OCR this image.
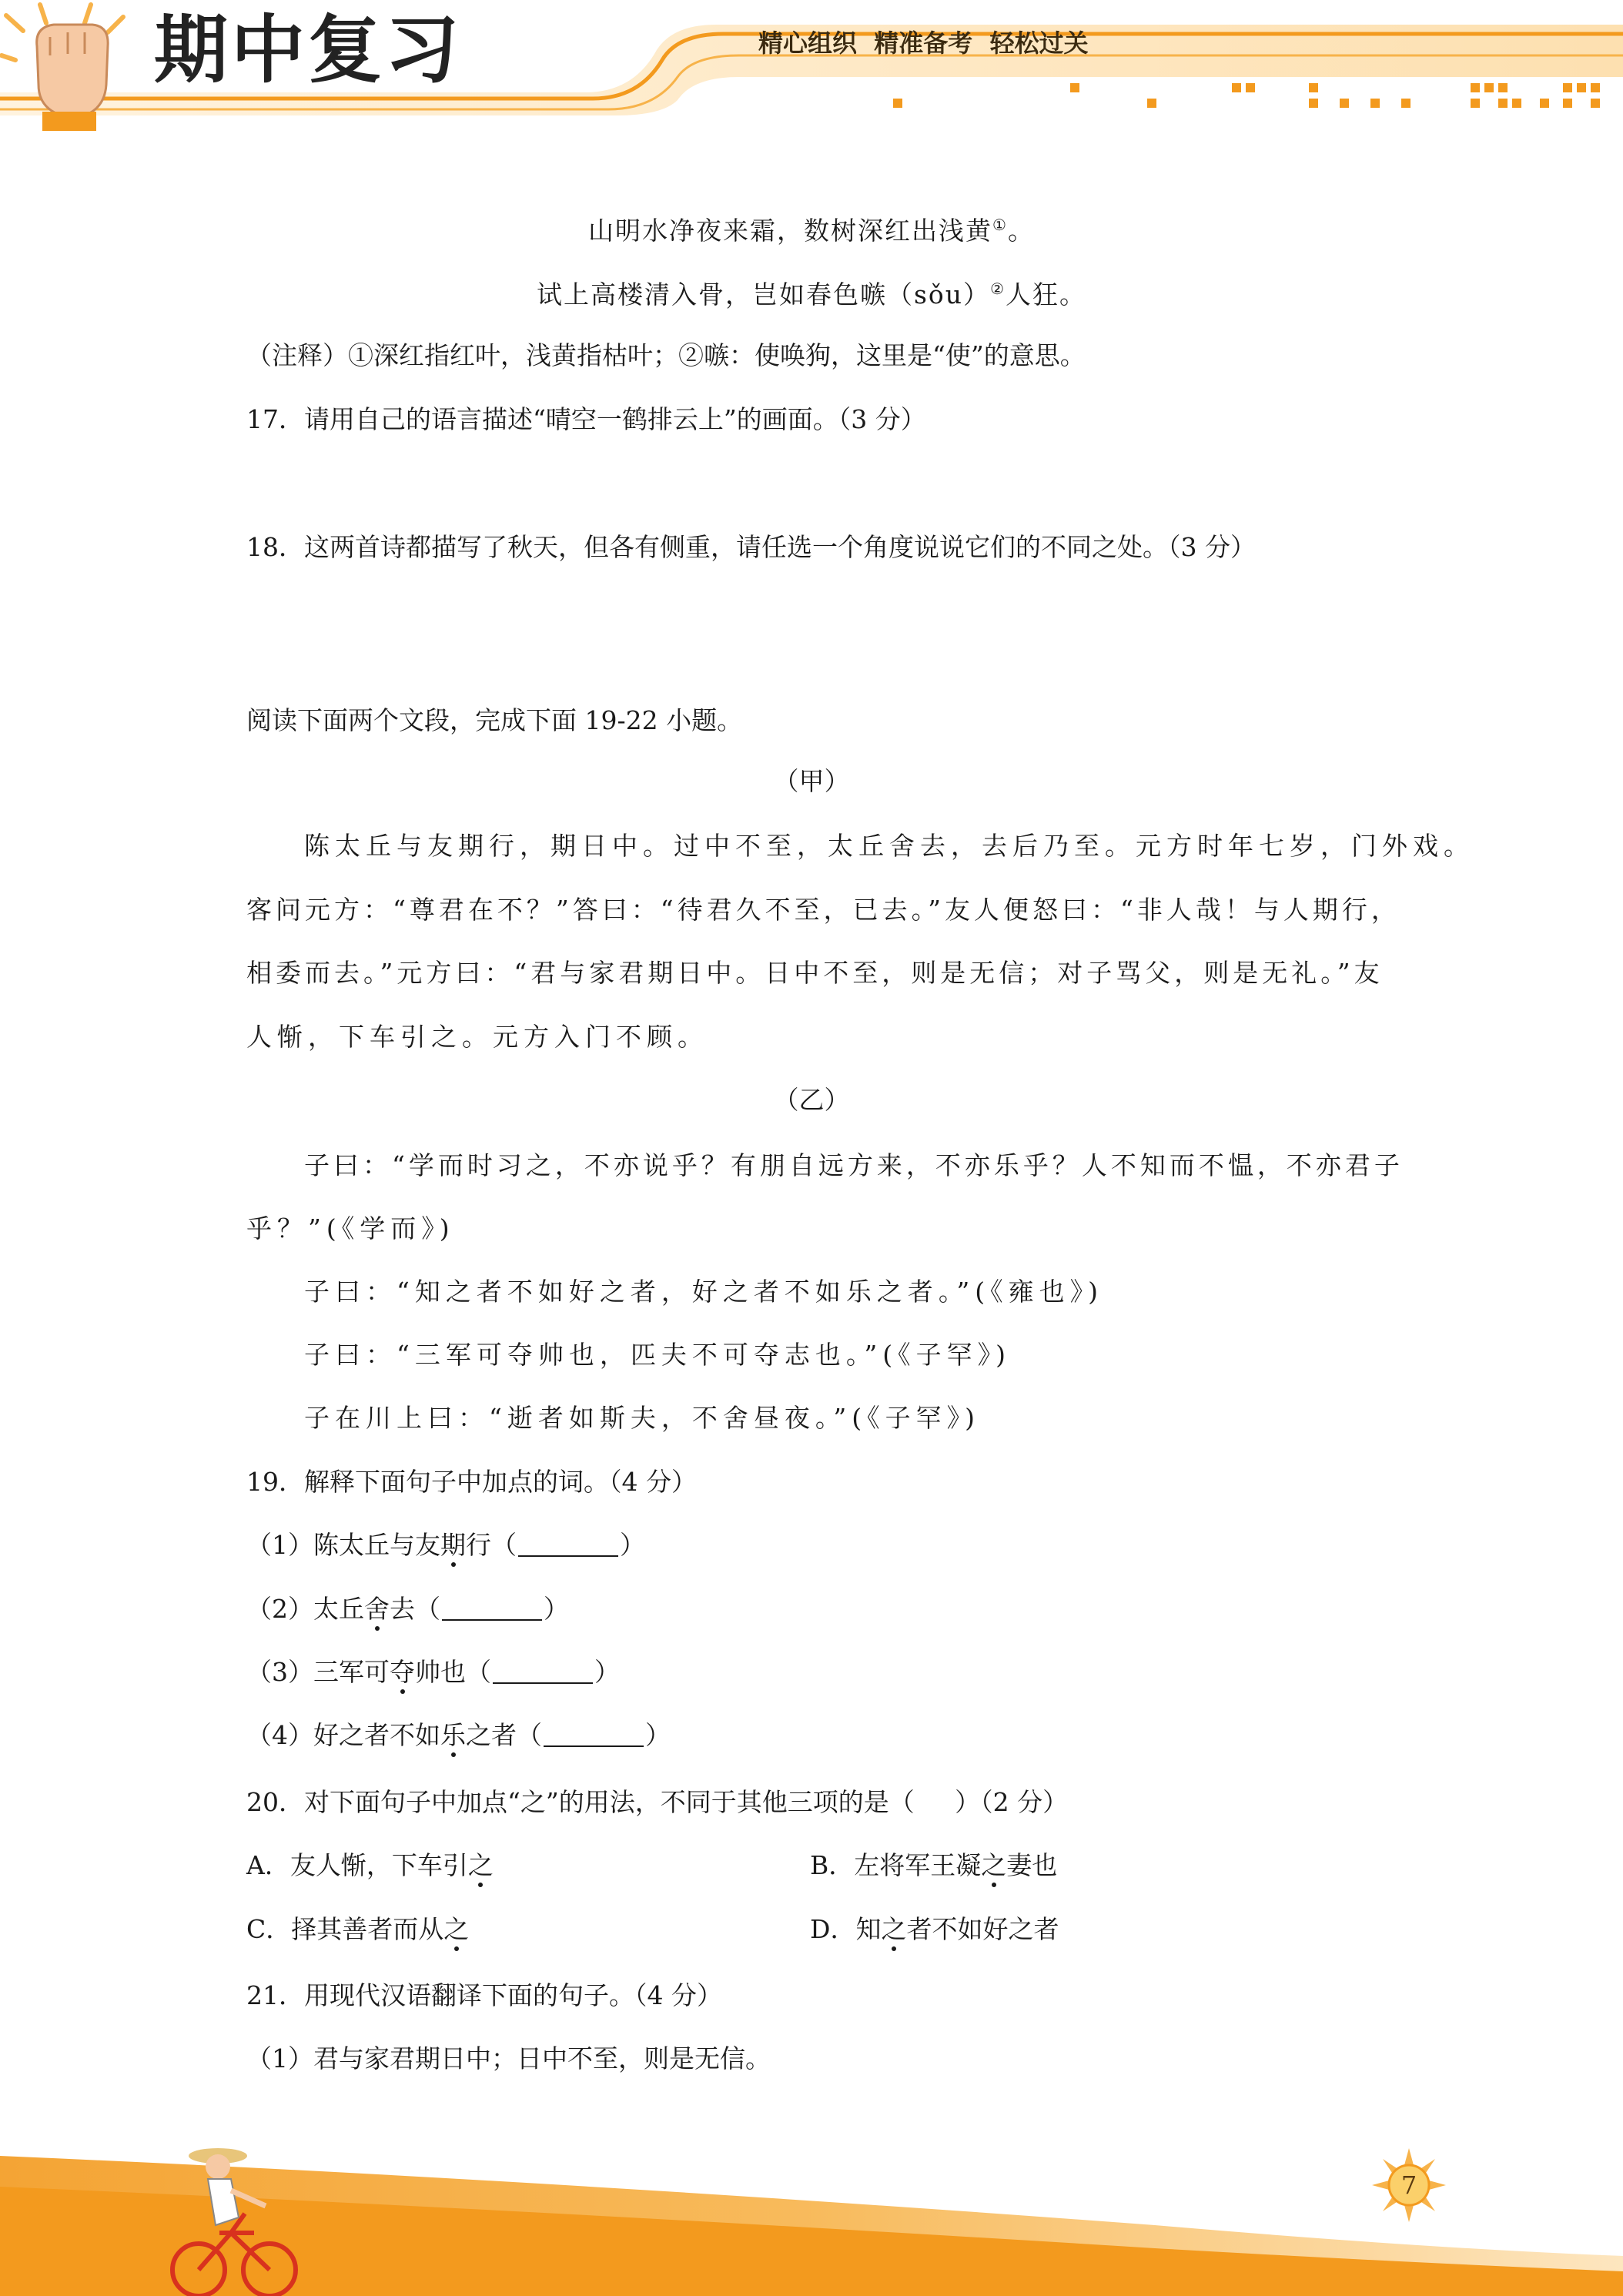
期中复习	精心组织  精准备考  轻松过关
山明水净夜来霜，数树深红出浅黄①。
试上高楼清入骨，岂如春色嗾（sǒu）②人狂。
（注释）①深红指红叶，浅黄指枯叶；②嗾：使唤狗，这里是“使”的意思。
17．请用自己的语言描述“晴空一鹤排云上”的画面。（3 分）
18．这两首诗都描写了秋天，但各有侧重，请任选一个角度说说它们的不同之处。（3 分）
阅读下面两个文段，完成下面 19-22 小题。
（甲）
陈太丘与友期行，期日中。过中不至，太丘舍去，去后乃至。元方时年七岁，门外戏。
客问元方：“尊君在不？”答曰：“待君久不至，已去。”友人便怒曰：“非人哉！与人期行，
相委而去。”元方曰：“君与家君期日中。日中不至，则是无信；对子骂父，则是无礼。”友
人惭，下车引之。元方入门不顾。
（乙）
子曰：“学而时习之，不亦说乎？有朋自远方来，不亦乐乎？人不知而不愠，不亦君子
乎？”(《学而》)
子曰：“知之者不如好之者，好之者不如乐之者。”(《雍也》)
子曰：“三军可夺帅也，匹夫不可夺志也。”(《子罕》)
子在川上曰：“逝者如斯夫，不舍昼夜。”(《子罕》)
19．解释下面句子中加点的词。（4 分）
（1）陈太丘与友期行（	）
（2）太丘舍去（	）
（3）三军可夺帅也（	）
（4）好之者不如乐之者（	）
20．对下面句子中加点“之”的用法，不同于其他三项的是（     ）（2 分）
A．友人惭，下车引之	B．左将军王凝之妻也
C．择其善者而从之	D．知之者不如好之者
21．用现代汉语翻译下面的句子。（4 分）
（1）君与家君期日中；日中不至，则是无信。
7
